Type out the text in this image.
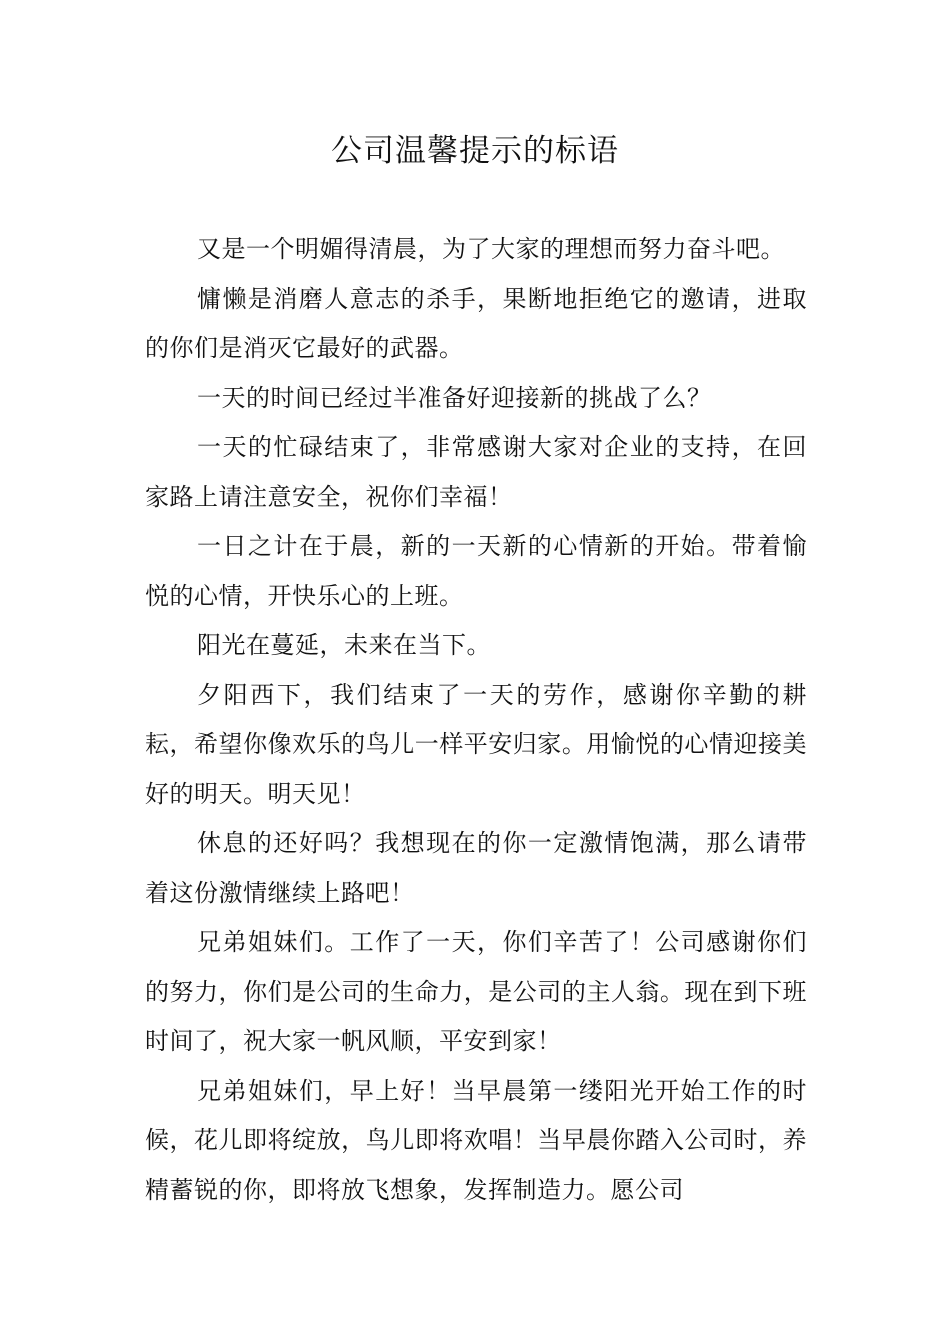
公司温馨提示的标语

又是一个明媚得清晨，为了大家的理想而努力奋斗吧。

慵懒是消磨人意志的杀手，果断地拒绝它的邀请，进取的你们是消灭它最好的武器。

一天的时间已经过半准备好迎接新的挑战了么？

一天的忙碌结束了，非常感谢大家对企业的支持，在回家路上请注意安全，祝你们幸福！

一日之计在于晨，新的一天新的心情新的开始。带着愉悦的心情，开快乐心的上班。

阳光在蔓延，未来在当下。

夕阳西下，我们结束了一天的劳作，感谢你辛勤的耕耘，希望你像欢乐的鸟儿一样平安归家。用愉悦的心情迎接美好的明天。明天见！

休息的还好吗？我想现在的你一定激情饱满，那么请带着这份激情继续上路吧！

兄弟姐妹们。工作了一天，你们辛苦了！公司感谢你们的努力，你们是公司的生命力，是公司的主人翁。现在到下班时间了，祝大家一帆风顺，平安到家！

兄弟姐妹们，早上好！当早晨第一缕阳光开始工作的时候，花儿即将绽放，鸟儿即将欢唱！当早晨你踏入公司时，养精蓄锐的你，即将放飞想象，发挥制造力。愿公司
